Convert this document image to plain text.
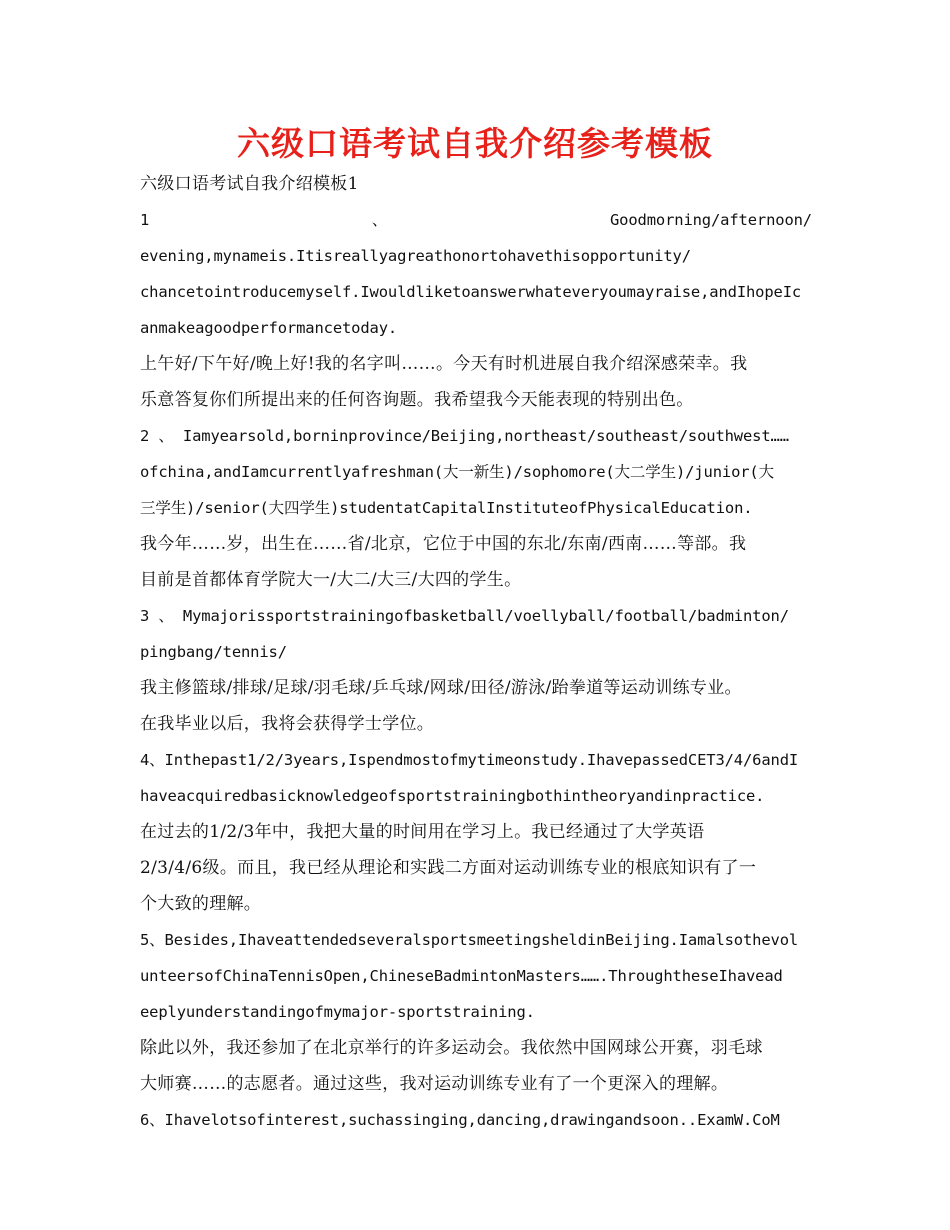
六级口语考试自我介绍参考模板
六级口语考试自我介绍模板1
1	、	Goodmorning/afternoon/
evening,mynameis.Itisreallyagreathonortohavethisopportunity/
chancetointroducemyself.Iwouldliketoanswerwhateveryoumayraise,andIhopeIc
anmakeagoodperformancetoday.
上午好/下午好/晚上好!我的名字叫……。今天有时机进展自我介绍深感荣幸。我
乐意答复你们所提出来的任何咨询题。我希望我今天能表现的特别出色。
2 、 Iamyearsold,borninprovince/Beijing,northeast/southeast/southwest……
ofchina,andIamcurrentlyafreshman(大一新生)/sophomore(大二学生)/junior(大
三学生)/senior(大四学生)studentatCapitalInstituteofPhysicalEducation.
我今年……岁，出生在……省/北京，它位于中国的东北/东南/西南……等部。我
目前是首都体育学院大一/大二/大三/大四的学生。
3 、 Mymajorissportstrainingofbasketball/voellyball/football/badminton/
pingbang/tennis/
我主修篮球/排球/足球/羽毛球/乒乓球/网球/田径/游泳/跆拳道等运动训练专业。
在我毕业以后，我将会获得学士学位。
4、Inthepast1/2/3years,Ispendmostofmytimeonstudy.IhavepassedCET3/4/6andI
haveacquiredbasicknowledgeofsportstrainingbothintheoryandinpractice.
在过去的1/2/3年中，我把大量的时间用在学习上。我已经通过了大学英语
2/3/4/6级。而且，我已经从理论和实践二方面对运动训练专业的根底知识有了一
个大致的理解。
5、Besides,IhaveattendedseveralsportsmeetingsheldinBeijing.Iamalsothevol
unteersofChinaTennisOpen,ChineseBadmintonMasters…….ThroughtheseIhavead
eeplyunderstandingofmymajor-sportstraining.
除此以外，我还参加了在北京举行的许多运动会。我依然中国网球公开赛，羽毛球
大师赛……的志愿者。通过这些，我对运动训练专业有了一个更深入的理解。
6、Ihavelotsofinterest,suchassinging,dancing,drawingandsoon..ExamW.CoM
